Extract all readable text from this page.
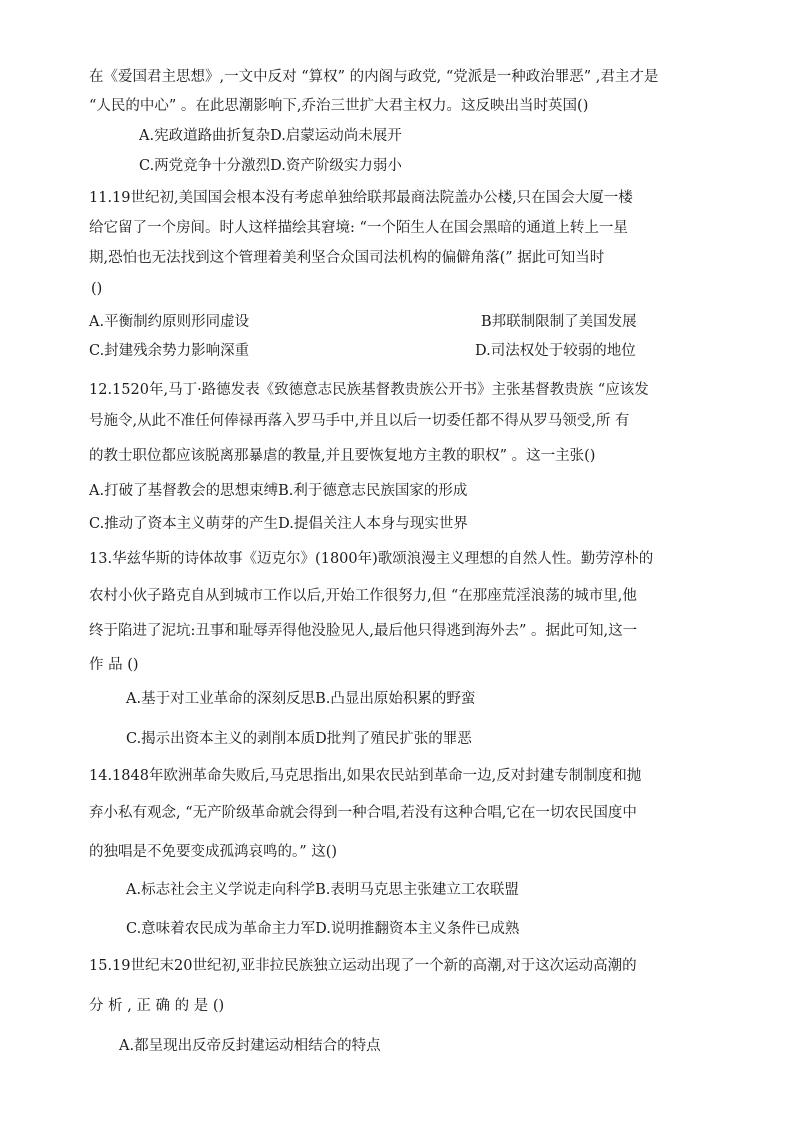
在《爱国君主思想》,一文中反对 “算权” 的内阁与政党, “党派是一种政治罪恶” ,君主才是
“人民的中心” 。在此思潮影响下,乔治三世扩大君主权力。这反映出当时英国()
A.宪政道路曲折复杂D.启蒙运动尚未展开
C.两党竞争十分激烈D.资产阶级实力弱小
11.19世纪初,美国国会根本没有考虑单独给联邦最商法院盖办公楼,只在国会大厦一楼
给它留了一个房间。时人这样描绘其窘境: “一个陌生人在国会黑暗的通道上转上一星
期,恐怕也无法找到这个管理着美利坚合众国司法机构的偏僻角落(” 据此可知当时
()
A.平衡制约原则形同虚设	B邦联制限制了美国发展
C.封建残余势力影响深重	D.司法权处于较弱的地位
12.1520年,马丁·路德发表《致德意志民族基督教贵族公开书》主张基督教贵族 “应该发
号施令,从此不准任何俸禄再落入罗马手中,并且以后一切委任都不得从罗马领受,所 有
的教士职位都应该脱离那暴虐的教量,并且要恢复地方主教的职权” 。这一主张()
A.打破了基督教会的思想束缚B.利于德意志民族国家的形成
C.推动了资本主义萌芽的产生D.提倡关注人本身与现实世界
13.华兹华斯的诗体故事《迈克尔》(1800年)歌颂浪漫主义理想的自然人性。勤劳淳朴的
农村小伙子路克自从到城市工作以后,开始工作很努力,但 “在那座荒淫浪荡的城市里,他
终于陷进了泥坑:丑事和耻辱弄得他没脸见人,最后他只得逃到海外去” 。据此可知,这一
作 品 ()
A.基于对工业革命的深刻反思B.凸显出原始积累的野蛮
C.揭示出资本主义的剥削本质D批判了殖民扩张的罪恶
14.1848年欧洲革命失败后,马克思指出,如果农民站到革命一边,反对封建专制制度和抛
弃小私有观念, “无产阶级革命就会得到一种合唱,若没有这种合唱,它在一切农民国度中
的独唱是不免要变成孤鸿哀鸣的。” 这()
A.标志社会主义学说走向科学B.表明马克思主张建立工农联盟
C.意味着农民成为革命主力军D.说明推翻资本主义条件已成熟
15.19世纪末20世纪初,亚非拉民族独立运动出现了一个新的高潮,对于这次运动高潮的
分 析 , 正 确 的 是 ()
A.都呈现出反帝反封建运动相结合的特点
